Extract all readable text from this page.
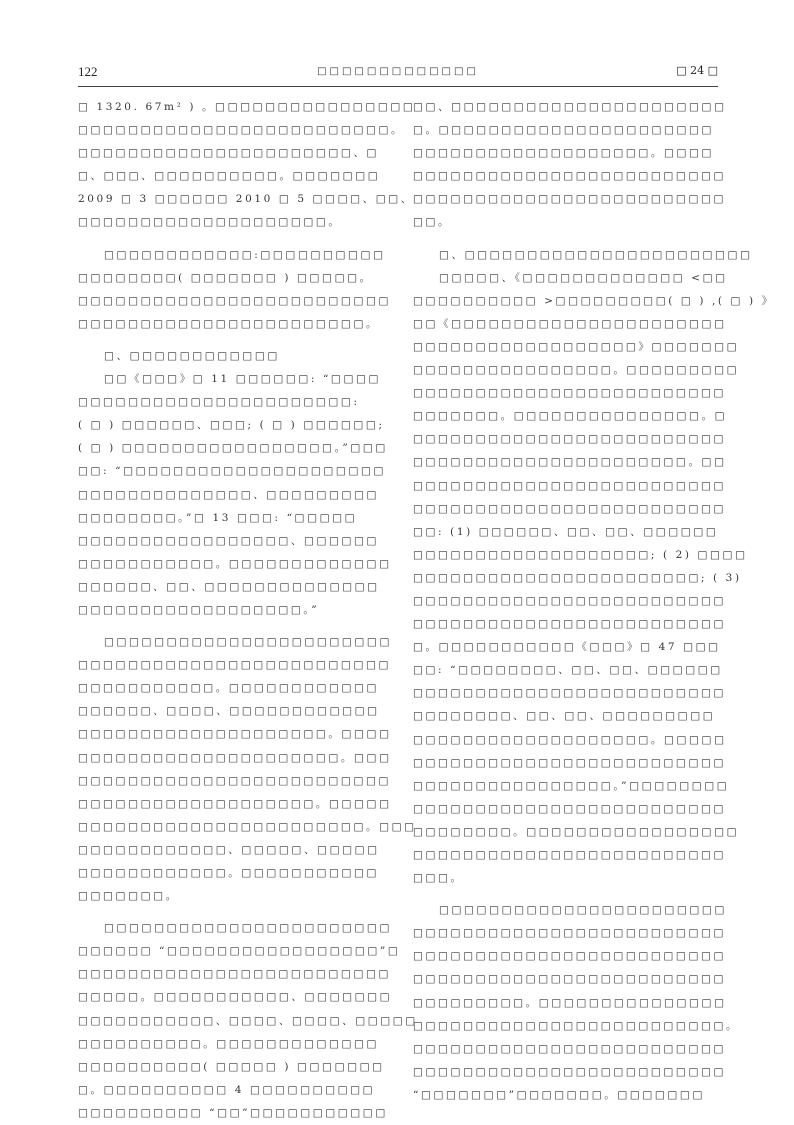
122	□□□□□□□□□□□□□	□ 24 □
□ 1320. 67m² ) 。□□□□□□□□□□□□□□□□
□□□□□□□□□□□□□□□□□□□□□□□□□。
□□□□□□□□□□□□□□□□□□□□□□、□
□、□□□、□□□□□□□□□□。□□□□□□□
2009 □ 3 □□□□□□ 2010 □ 5 □□□□、□□、
□□□□□□□□□□□□□□□□□□□□。
□□□□□□□□□□□□:□□□□□□□□□□
□□□□□□□□( □□□□□□□ ) □□□□□。
□□□□□□□□□□□□□□□□□□□□□□□□□
□□□□□□□□□□□□□□□□□□□□□□□。
□、□□□□□□□□□□□□
□□《□□□》□ 11 □□□□□□: “□□□□
□□□□□□□□□□□□□□□□□□□□□□:
( □ ) □□□□□□、□□□; ( □ ) □□□□□□;
( □ ) □□□□□□□□□□□□□□□□□。”□□□
□□: “□□□□□□□□□□□□□□□□□□□□□
□□□□□□□□□□□□□□、□□□□□□□□□
□□□□□□□□。”□ 13 □□□: “□□□□□
□□□□□□□□□□□□□□□□□、□□□□□□
□□□□□□□□□□□。□□□□□□□□□□□□□
□□□□□□、□□、□□□□□□□□□□□□□□
□□□□□□□□□□□□□□□□□□。”
□□□□□□□□□□□□□□□□□□□□□□□
□□□□□□□□□□□□□□□□□□□□□□□□□
□□□□□□□□□□□。□□□□□□□□□□□□
□□□□□□、□□□□、□□□□□□□□□□□□
□□□□□□□□□□□□□□□□□□□□。□□□□
□□□□□□□□□□□□□□□□□□□□□。□□□
□□□□□□□□□□□□□□□□□□□□□□□□□
□□□□□□□□□□□□□□□□□□□。□□□□□
□□□□□□□□□□□□□□□□□□□□□□□。□□□
□□□□□□□□□□□□、□□□□□、□□□□□
□□□□□□□□□□□□。□□□□□□□□□□□
□□□□□□□。
□□□□□□□□□□□□□□□□□□□□□□□
□□□□□□ “□□□□□□□□□□□□□□□□□”□
□□□□□□□□□□□□□□□□□□□□□□□□□
□□□□□。□□□□□□□□□□□、□□□□□□□
□□□□□□□□□□□、□□□□、□□□□、□□□□□
□□□□□□□□□□。□□□□□□□□□□□□□
□□□□□□□□□□( □□□□□ ) □□□□□□□
□。□□□□□□□□□□ 4 □□□□□□□□□□
□□□□□□□□□□ “□□”□□□□□□□□□□□
□□、□□□□□□□□□□□□□□□□□□□□□□
□。□□□□□□□□□□□□□□□□□□□□□□
□□□□□□□□□□□□□□□□□□□。□□□□
□□□□□□□□□□□□□□□□□□□□□□□□□
□□□□□□□□□□□□□□□□□□□□□□□□□
□□。
□、□□□□□□□□□□□□□□□□□□□□□□□
□□□□□、《□□□□□□□□□□□□□ <□□
□□□□□□□□□□ >□□□□□□□□□( □ ) ,( □ ) 》
□□《□□□□□□□□□□□□□□□□□□□□□□
□□□□□□□□□□□□□□□□□□》□□□□□□□
□□□□□□□□□□□□□□□□。□□□□□□□□□
□□□□□□□□□□□□□□□□□□□□□□□□□
□□□□□□□。□□□□□□□□□□□□□□□。□
□□□□□□□□□□□□□□□□□□□□□□□□□
□□□□□□□□□□□□□□□□□□□□□□。□□
□□□□□□□□□□□□□□□□□□□□□□□□□
□□□□□□□□□□□□□□□□□□□□□□□□□
□□: (1) □□□□□□、□□、□□、□□□□□□
□□□□□□□□□□□□□□□□□□□; ( 2) □□□□
□□□□□□□□□□□□□□□□□□□□□□□; ( 3)
□□□□□□□□□□□□□□□□□□□□□□□□□
□□□□□□□□□□□□□□□□□□□□□□□□□
□。□□□□□□□□□□□《□□□》□ 47 □□□
□□: “□□□□□□□□、□□、□□、□□□□□□
□□□□□□□□□□□□□□□□□□□□□□□□□
□□□□□□□□、□□、□□、□□□□□□□□□
□□□□□□□□□□□□□□□□□□□。□□□□□
□□□□□□□□□□□□□□□□□□□□□□□□□
□□□□□□□□□□□□□□□□。”□□□□□□□□
□□□□□□□□□□□□□□□□□□□□□□□□□
□□□□□□□□。□□□□□□□□□□□□□□□□□
□□□□□□□□□□□□□□□□□□□□□□□□□
□□□。
□□□□□□□□□□□□□□□□□□□□□□□
□□□□□□□□□□□□□□□□□□□□□□□□□
□□□□□□□□□□□□□□□□□□□□□□□□□
□□□□□□□□□□□□□□□□□□□□□□□□□
□□□□□□□□□。□□□□□□□□□□□□□□□
□□□□□□□□□□□□□□□□□□□□□□□□□。
□□□□□□□□□□□□□□□□□□□□□□□□□
□□□□□□□□□□□□□□□□□□□□□□□□□
“□□□□□□□”□□□□□□□。□□□□□□□
